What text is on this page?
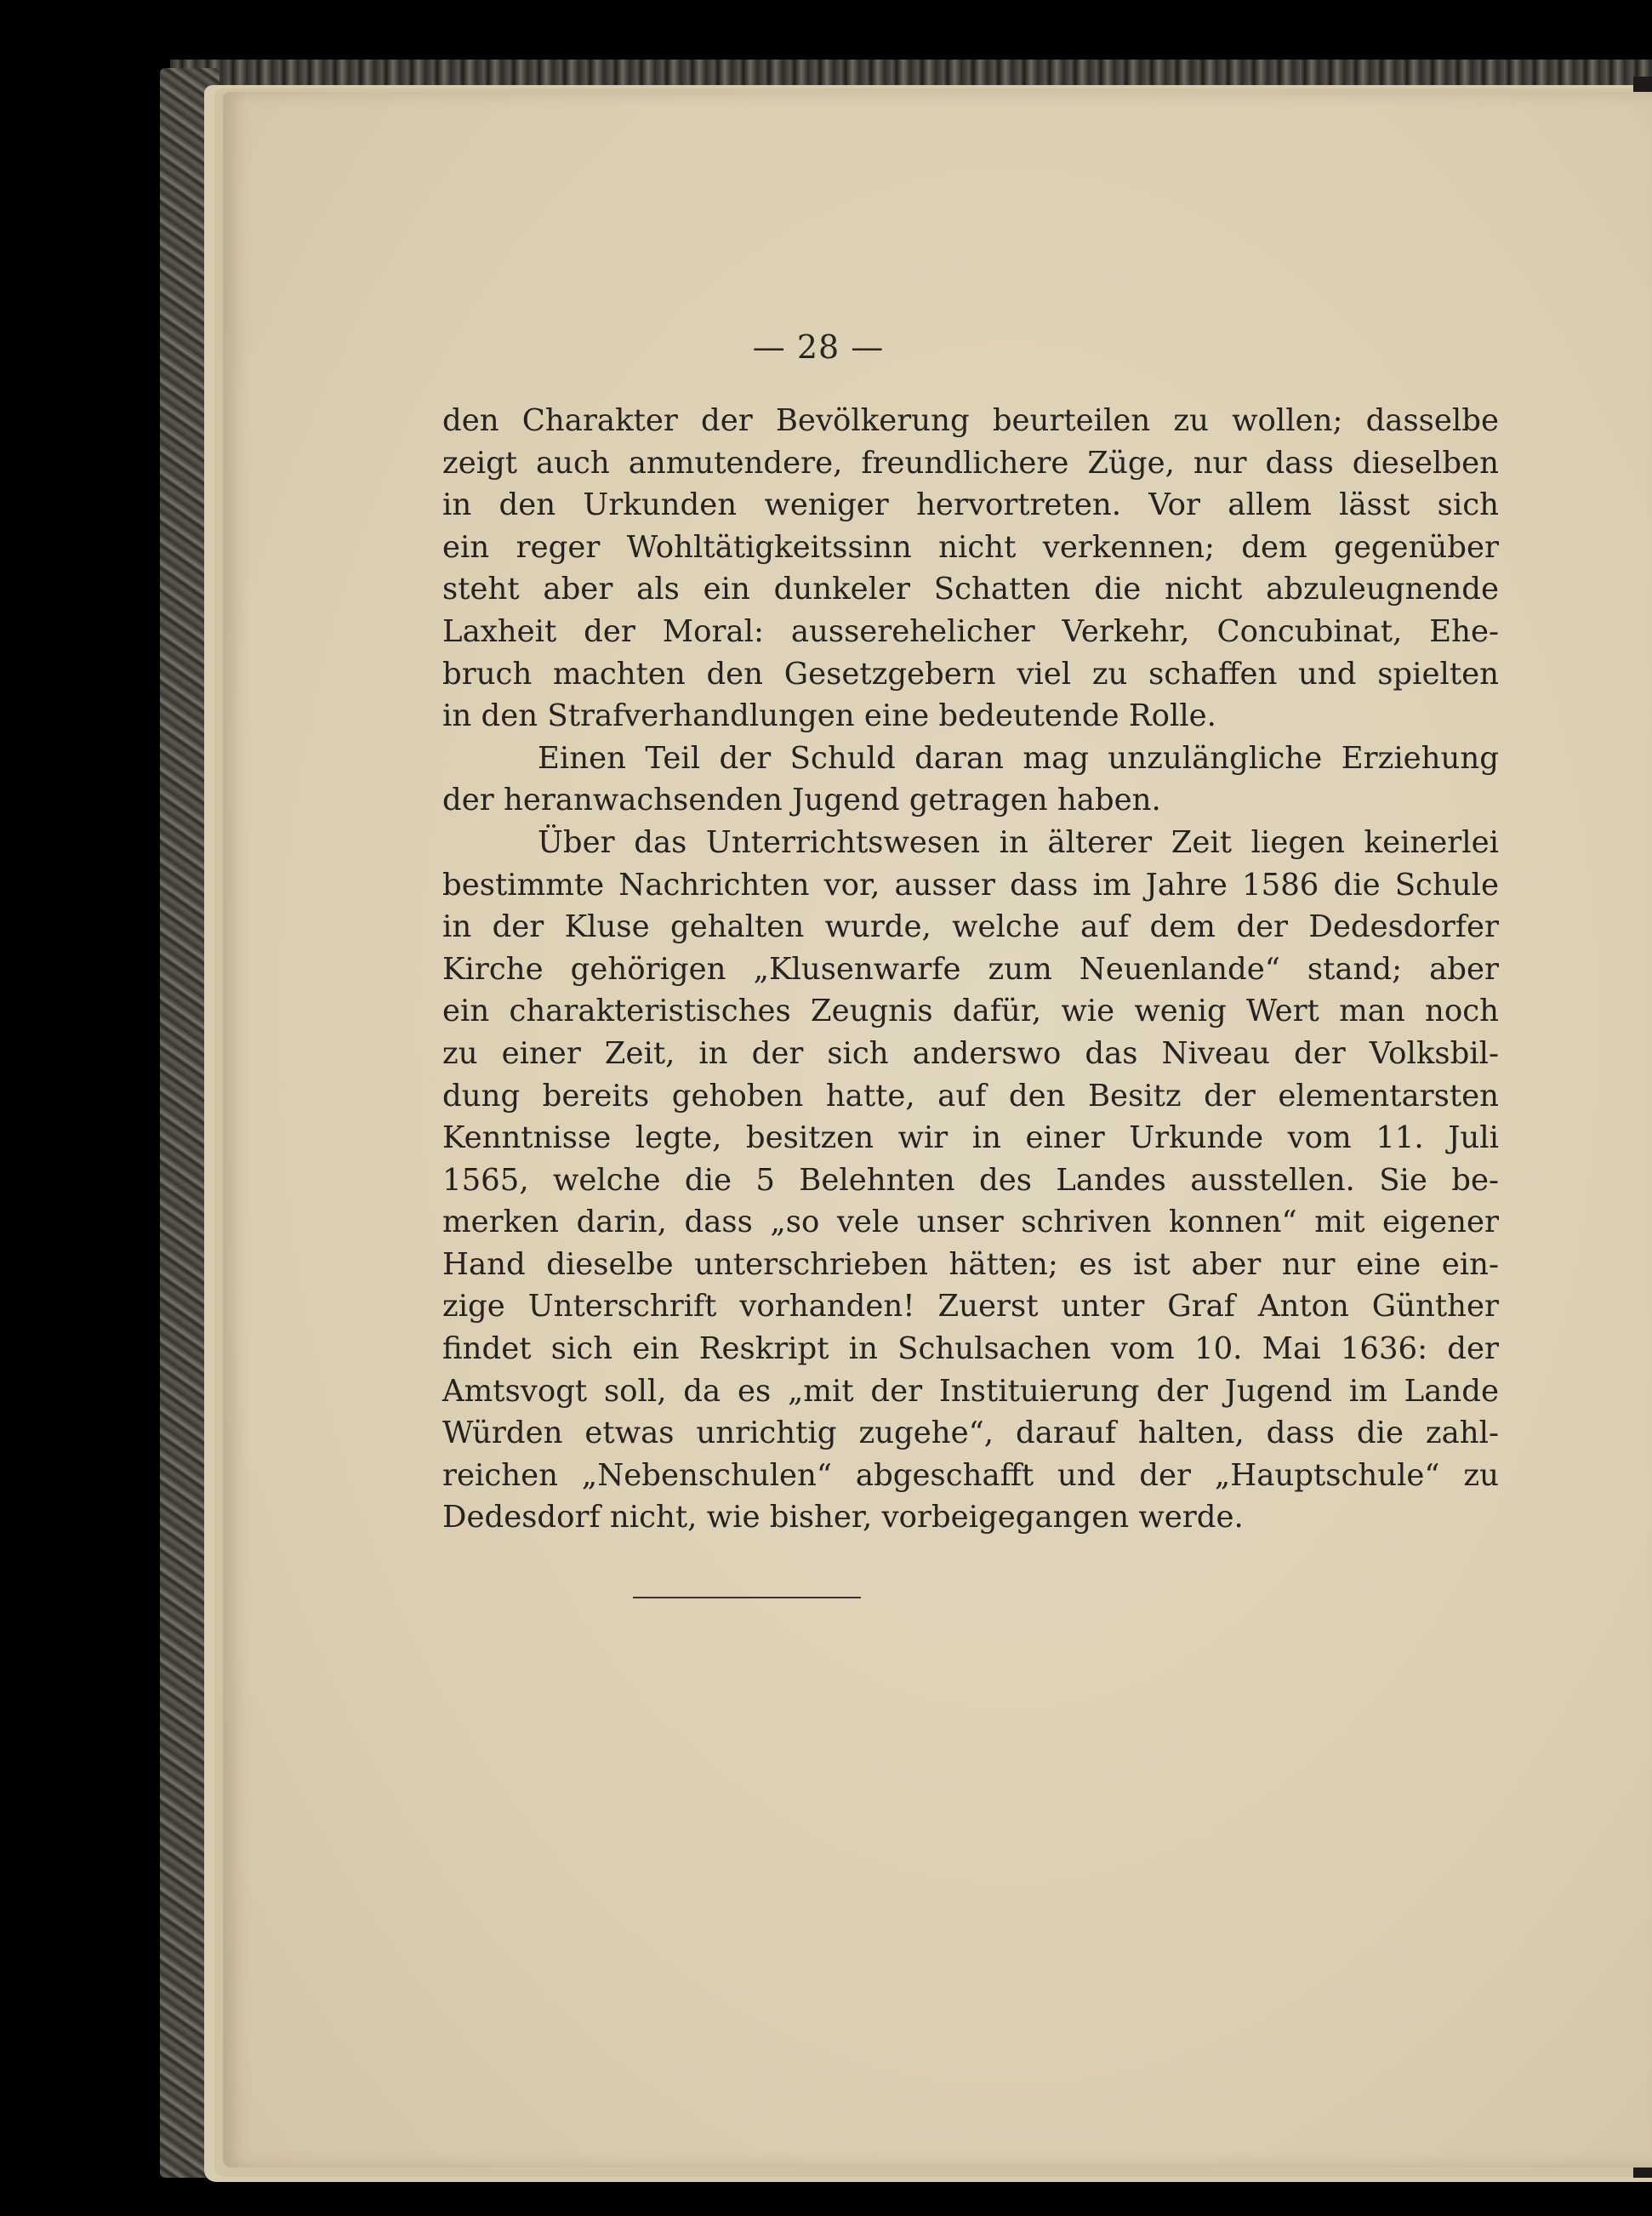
— 28 —

den Charakter der Bevölkerung beurteilen zu wollen; dasselbe
zeigt auch anmutendere, freundlichere Züge, nur dass dieselben
in den Urkunden weniger hervortreten. Vor allem lässt sich
ein reger Wohltätigkeitssinn nicht verkennen; dem gegenüber
steht aber als ein dunkeler Schatten die nicht abzuleugnende
Laxheit der Moral: ausserehelicher Verkehr, Concubinat, Ehe-
bruch machten den Gesetzgebern viel zu schaffen und spielten
in den Strafverhandlungen eine bedeutende Rolle.

Einen Teil der Schuld daran mag unzulängliche Erziehung
der heranwachsenden Jugend getragen haben.

Über das Unterrichtswesen in älterer Zeit liegen keinerlei
bestimmte Nachrichten vor, ausser dass im Jahre 1586 die Schule
in der Kluse gehalten wurde, welche auf dem der Dedesdorfer
Kirche gehörigen „Klusenwarfe zum Neuenlande“ stand; aber
ein charakteristisches Zeugnis dafür, wie wenig Wert man noch
zu einer Zeit, in der sich anderswo das Niveau der Volksbil-
dung bereits gehoben hatte, auf den Besitz der elementarsten
Kenntnisse legte, besitzen wir in einer Urkunde vom 11. Juli
1565, welche die 5 Belehnten des Landes ausstellen. Sie be-
merken darin, dass „so vele unser schriven konnen“ mit eigener
Hand dieselbe unterschrieben hätten; es ist aber nur eine ein-
zige Unterschrift vorhanden! Zuerst unter Graf Anton Günther
findet sich ein Reskript in Schulsachen vom 10. Mai 1636: der
Amtsvogt soll, da es „mit der Instituierung der Jugend im Lande
Würden etwas unrichtig zugehe“, darauf halten, dass die zahl-
reichen „Nebenschulen“ abgeschafft und der „Hauptschule“ zu
Dedesdorf nicht, wie bisher, vorbeigegangen werde.
